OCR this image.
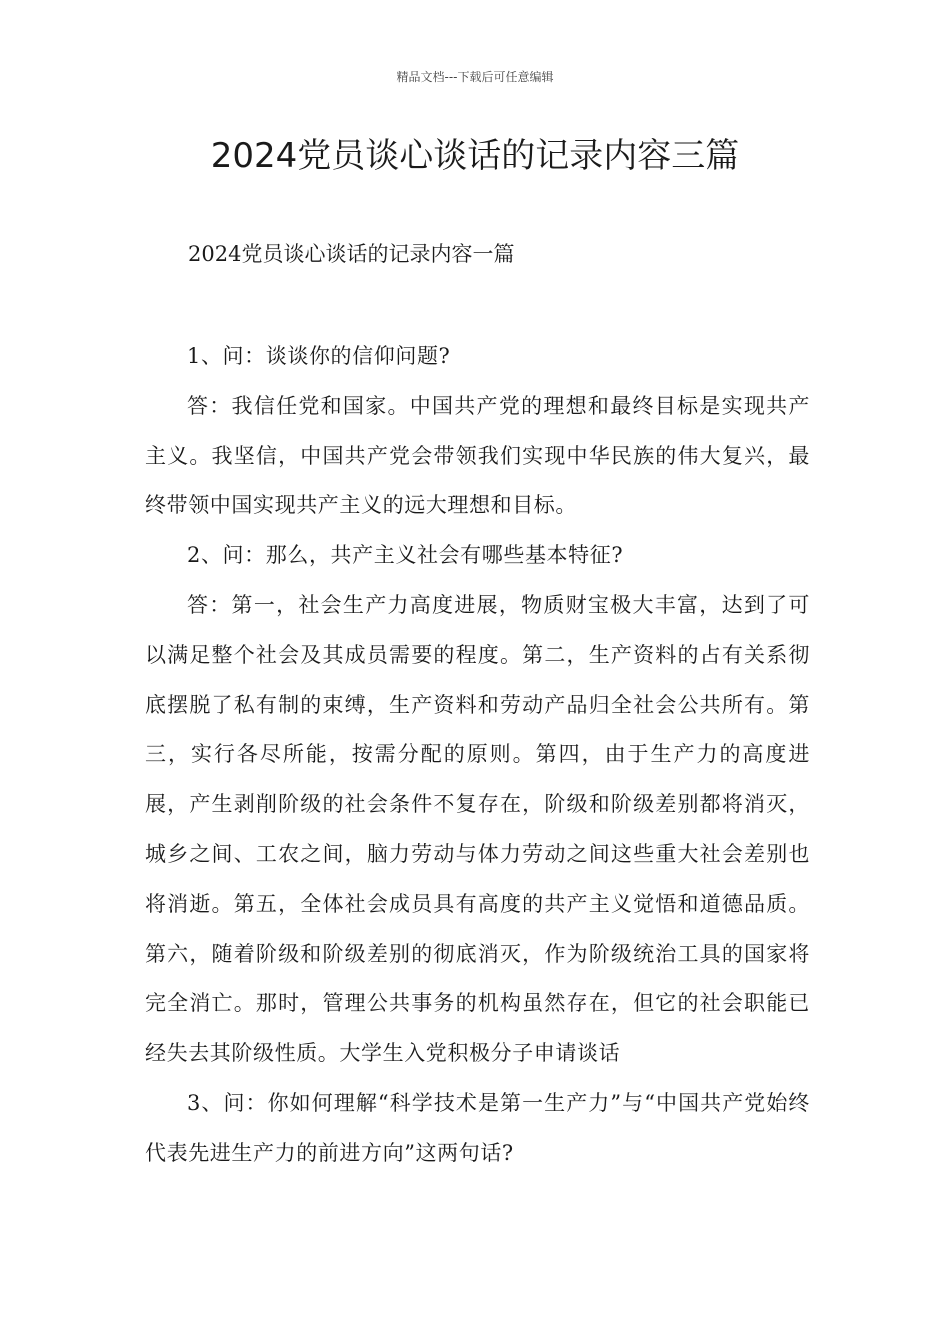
精品文档---下载后可任意编辑
2024党员谈心谈话的记录内容三篇
2024党员谈心谈话的记录内容一篇

1、问：谈谈你的信仰问题?

答：我信任党和国家。中国共产党的理想和最终目标是实现共产主义。我坚信，中国共产党会带领我们实现中华民族的伟大复兴，最终带领中国实现共产主义的远大理想和目标。

2、问：那么，共产主义社会有哪些基本特征?

答：第一，社会生产力高度进展，物质财宝极大丰富，达到了可以满足整个社会及其成员需要的程度。第二，生产资料的占有关系彻底摆脱了私有制的束缚，生产资料和劳动产品归全社会公共所有。第三，实行各尽所能，按需分配的原则。第四，由于生产力的高度进展，产生剥削阶级的社会条件不复存在，阶级和阶级差别都将消灭，城乡之间、工农之间，脑力劳动与体力劳动之间这些重大社会差别也将消逝。第五，全体社会成员具有高度的共产主义觉悟和道德品质。第六，随着阶级和阶级差别的彻底消灭，作为阶级统治工具的国家将完全消亡。那时，管理公共事务的机构虽然存在，但它的社会职能已经失去其阶级性质。大学生入党积极分子申请谈话

3、问：你如何理解“科学技术是第一生产力”与“中国共产党始终代表先进生产力的前进方向”这两句话?
